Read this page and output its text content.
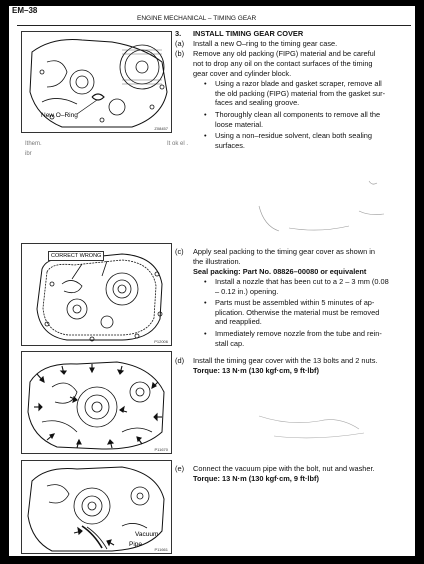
EM–38
ENGINE MECHANICAL – TIMING GEAR
New O–Ring
Z08457
Ithem.
ibr
It ok el .
3. INSTALL TIMING GEAR COVER
(a) Install a new O–ring to the timing gear case.
(b) Remove any old packing (FIPG) material and be careful
not to drop any oil on the contact surfaces of the timing
gear cover and cylinder block.
• Using a razor blade and gasket scraper, remove all
the old packing (FIPG) material from the gasket sur-
faces and sealing groove.
• Thoroughly clean all components to remove all the
loose material.
• Using a non–residue solvent, clean both sealing
surfaces.
CORRECT WRONG
P12006
(c) Apply seal packing to the timing gear cover as shown in
the illustration.
Seal packing: Part No. 08826–00080 or equivalent
• Install a nozzle that has been cut to a 2 – 3 mm (0.08
– 0.12 in.) opening.
• Parts must be assembled within 5 minutes of ap-
plication. Otherwise the material must be removed
and reapplied.
• Immediately remove nozzle from the tube and rein-
stall cap.
P11670
(d) Install the timing gear cover with the 13 bolts and 2 nuts.
Torque: 13 N·m (130 kgf·cm, 9 ft·lbf)
Vacuum
Pipe
P11661
(e) Connect the vacuum pipe with the bolt, nut and washer.
Torque: 13 N·m (130 kgf·cm, 9 ft·lbf)
